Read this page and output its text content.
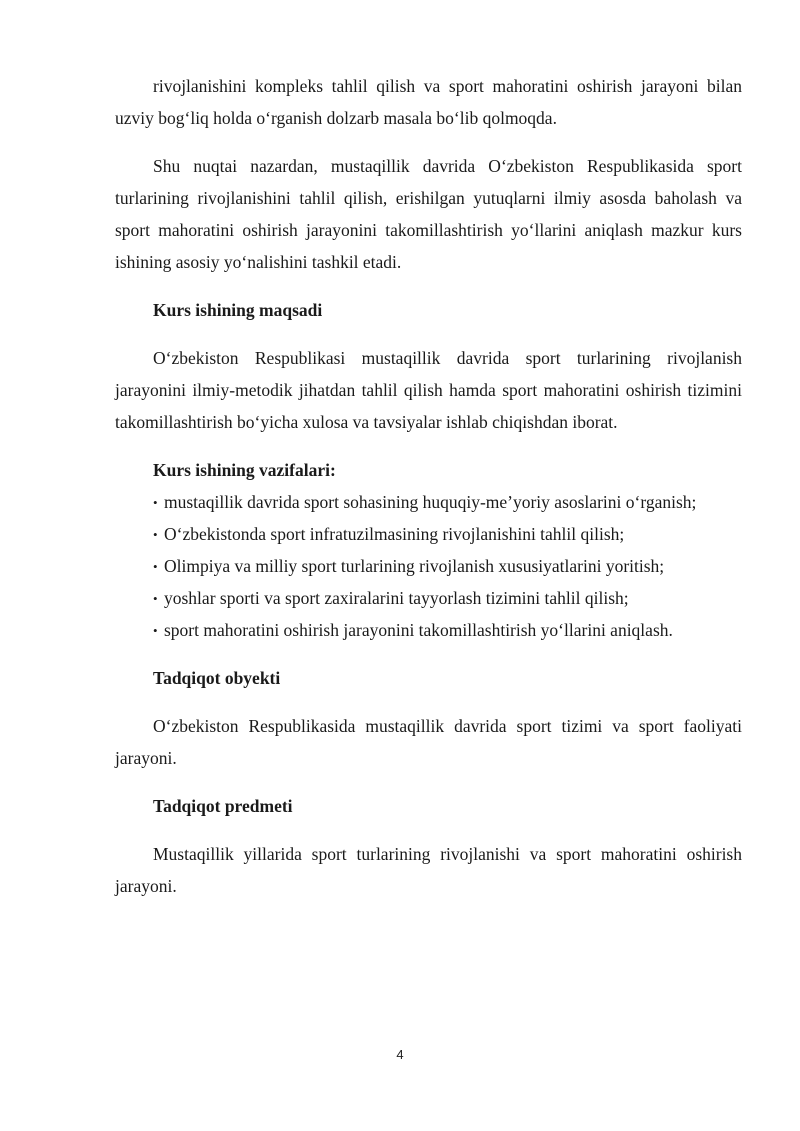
rivojlanishini kompleks tahlil qilish va sport mahoratini oshirish jarayoni bilan uzviy bog‘liq holda o‘rganish dolzarb masala bo‘lib qolmoqda.

Shu nuqtai nazardan, mustaqillik davrida O‘zbekiston Respublikasida sport turlarining rivojlanishini tahlil qilish, erishilgan yutuqlarni ilmiy asosda baholash va sport mahoratini oshirish jarayonini takomillashtirish yo‘llarini aniqlash mazkur kurs ishining asosiy yo‘nalishini tashkil etadi.

Kurs ishining maqsadi

O‘zbekiston Respublikasi mustaqillik davrida sport turlarining rivojlanish jarayonini ilmiy-metodik jihatdan tahlil qilish hamda sport mahoratini oshirish tizimini takomillashtirish bo‘yicha xulosa va tavsiyalar ishlab chiqishdan iborat.

Kurs ishining vazifalari:
• mustaqillik davrida sport sohasining huquqiy-me’yoriy asoslarini o‘rganish;
• O‘zbekistonda sport infratuzilmasining rivojlanishini tahlil qilish;
• Olimpiya va milliy sport turlarining rivojlanish xususiyatlarini yoritish;
• yoshlar sporti va sport zaxiralarini tayyorlash tizimini tahlil qilish;
• sport mahoratini oshirish jarayonini takomillashtirish yo‘llarini aniqlash.
Tadqiqot obyekti

O‘zbekiston Respublikasida mustaqillik davrida sport tizimi va sport faoliyati jarayoni.

Tadqiqot predmeti

Mustaqillik yillarida sport turlarining rivojlanishi va sport mahoratini oshirish jarayoni.

4
